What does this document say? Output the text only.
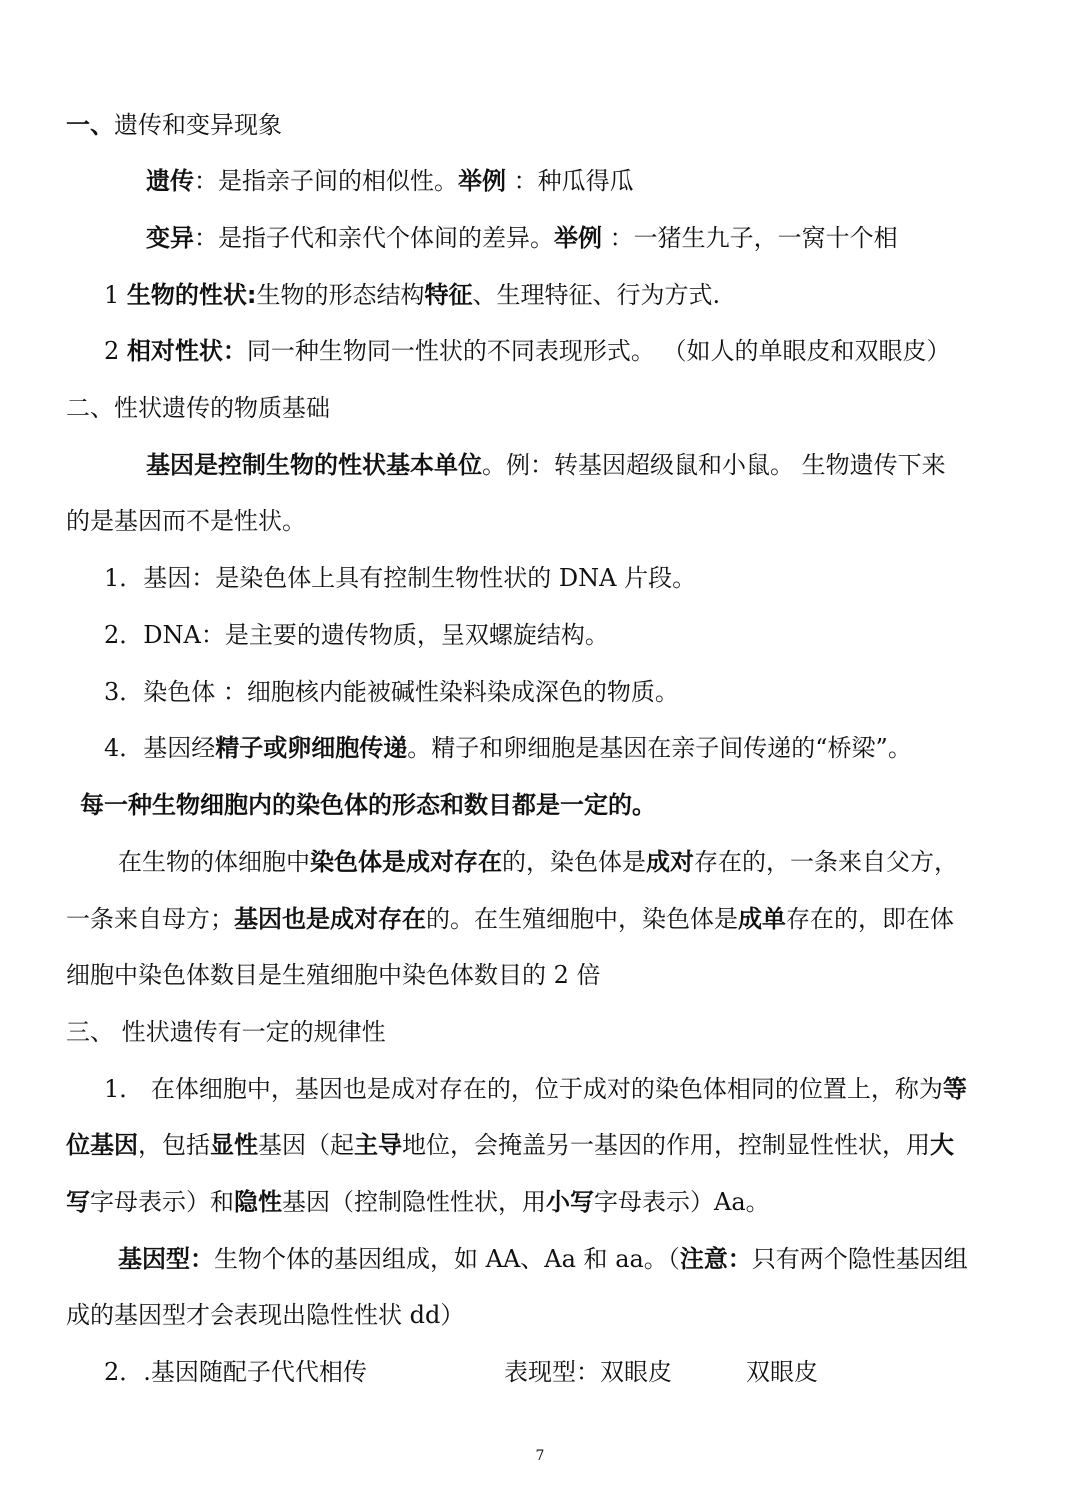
一、遗传和变异现象
遗传：是指亲子间的相似性。举例 ：种瓜得瓜
变异：是指子代和亲代个体间的差异。举例 ：一猪生九子，一窝十个相
1 生物的性状:生物的形态结构特征、生理特征、行为方式.
2 相对性状：同一种生物同一性状的不同表现形式。 （如人的单眼皮和双眼皮）
二、性状遗传的物质基础
基因是控制生物的性状基本单位。例：转基因超级鼠和小鼠。 生物遗传下来
的是基因而不是性状。
1．基因：是染色体上具有控制生物性状的 DNA 片段。
2．DNA：是主要的遗传物质，呈双螺旋结构。
3．染色体 ：细胞核内能被碱性染料染成深色的物质。
4．基因经精子或卵细胞传递。精子和卵细胞是基因在亲子间传递的“桥梁”。
每一种生物细胞内的染色体的形态和数目都是一定的。
在生物的体细胞中染色体是成对存在的，染色体是成对存在的，一条来自父方，
一条来自母方；基因也是成对存在的。在生殖细胞中，染色体是成单存在的，即在体
细胞中染色体数目是生殖细胞中染色体数目的 2 倍
三、 性状遗传有一定的规律性
1． 在体细胞中，基因也是成对存在的，位于成对的染色体相同的位置上，称为等
位基因，包括显性基因（起主导地位，会掩盖另一基因的作用，控制显性性状，用大
写字母表示）和隐性基因（控制隐性性状，用小写字母表示）Aa。
基因型：生物个体的基因组成，如 AA、Aa 和 aa。（注意：只有两个隐性基因组
成的基因型才会表现出隐性性状 dd）
2．.基因随配子代代相传	表现型：双眼皮	双眼皮
7
